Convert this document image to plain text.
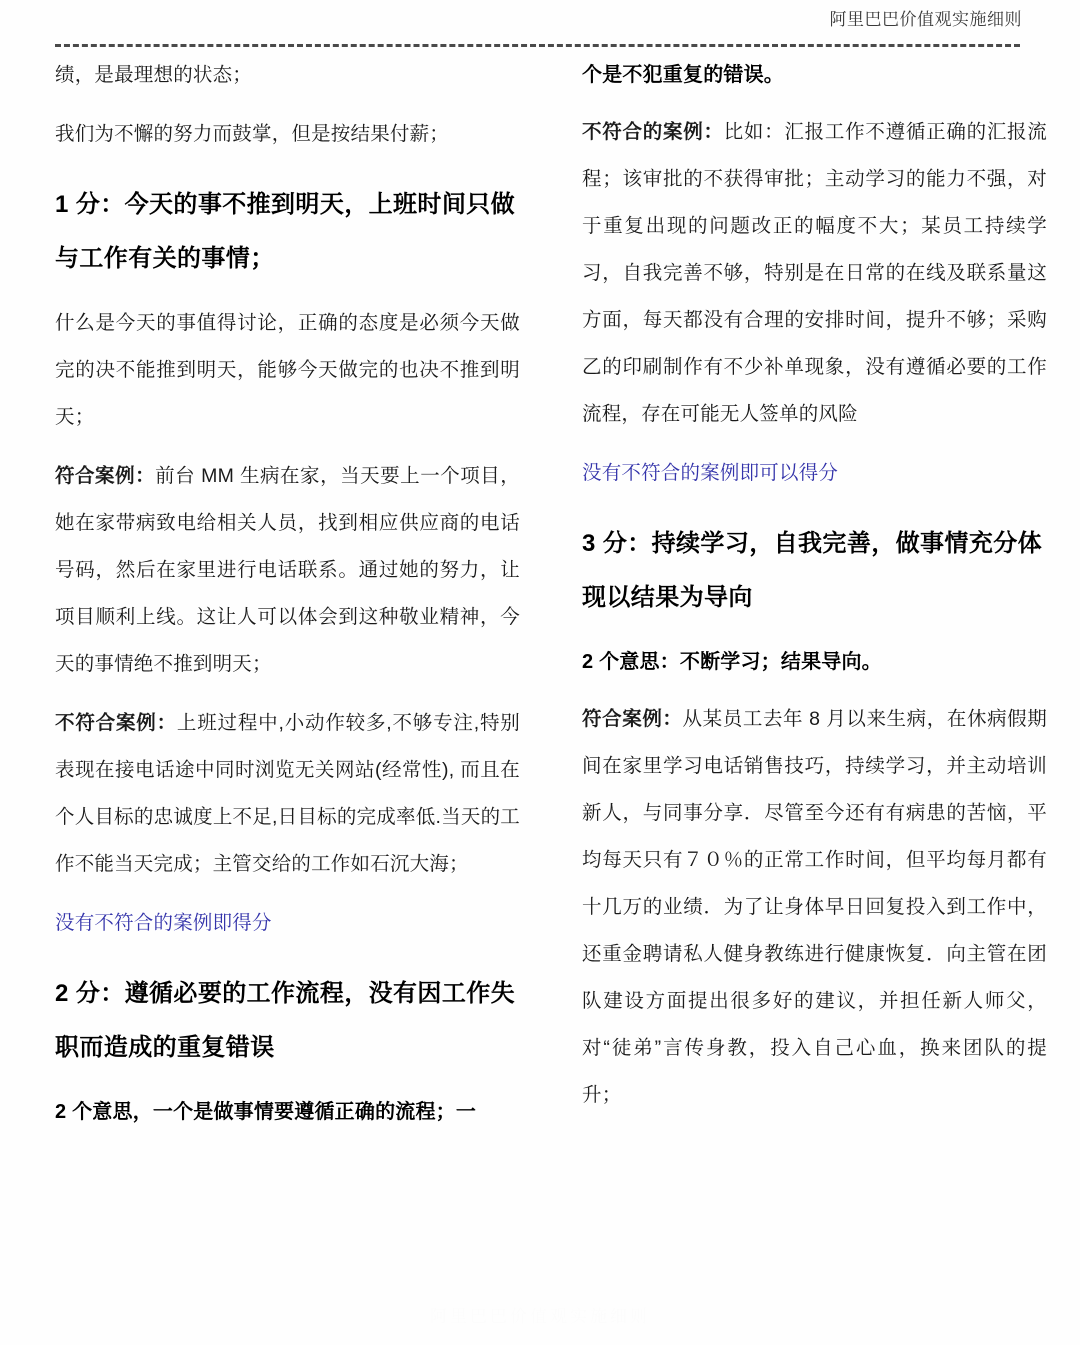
阿里巴巴价值观实施细则

绩，是最理想的状态；

我们为不懈的努力而鼓掌，但是按结果付薪；

1 分：今天的事不推到明天，上班时间只做与工作有关的事情；

什么是今天的事值得讨论，正确的态度是必须今天做完的决不能推到明天，能够今天做完的也决不推到明天；

符合案例：前台 MM 生病在家，当天要上一个项目，她在家带病致电给相关人员，找到相应供应商的电话号码，然后在家里进行电话联系。通过她的努力，让项目顺利上线。这让人可以体会到这种敬业精神，今天的事情绝不推到明天；

不符合案例：上班过程中,小动作较多,不够专注,特别表现在接电话途中同时浏览无关网站(经常性), 而且在个人目标的忠诚度上不足,日目标的完成率低.当天的工作不能当天完成；主管交给的工作如石沉大海；

没有不符合的案例即得分

2 分：遵循必要的工作流程，没有因工作失职而造成的重复错误
2 个意思，一个是做事情要遵循正确的流程；一
个是不犯重复的错误。

不符合的案例：比如：汇报工作不遵循正确的汇报流程；该审批的不获得审批；主动学习的能力不强，对于重复出现的问题改正的幅度不大；某员工持续学习，自我完善不够，特别是在日常的在线及联系量这方面，每天都没有合理的安排时间，提升不够；采购乙的印刷制作有不少补单现象，没有遵循必要的工作流程，存在可能无人签单的风险

没有不符合的案例即可以得分

3 分：持续学习，自我完善，做事情充分体现以结果为导向
2 个意思：不断学习；结果导向。

符合案例：从某员工去年 8 月以来生病，在休病假期间在家里学习电话销售技巧，持续学习，并主动培训新人，与同事分享．尽管至今还有有病患的苦恼，平均每天只有７０％的正常工作时间，但平均每月都有十几万的业绩．为了让身体早日回复投入到工作中，还重金聘请私人健身教练进行健康恢复．向主管在团队建设方面提出很多好的建议，并担任新人师父，对“徒弟”言传身教，投入自己心血，换来团队的提升；

阿里巴巴价值观实施细则
